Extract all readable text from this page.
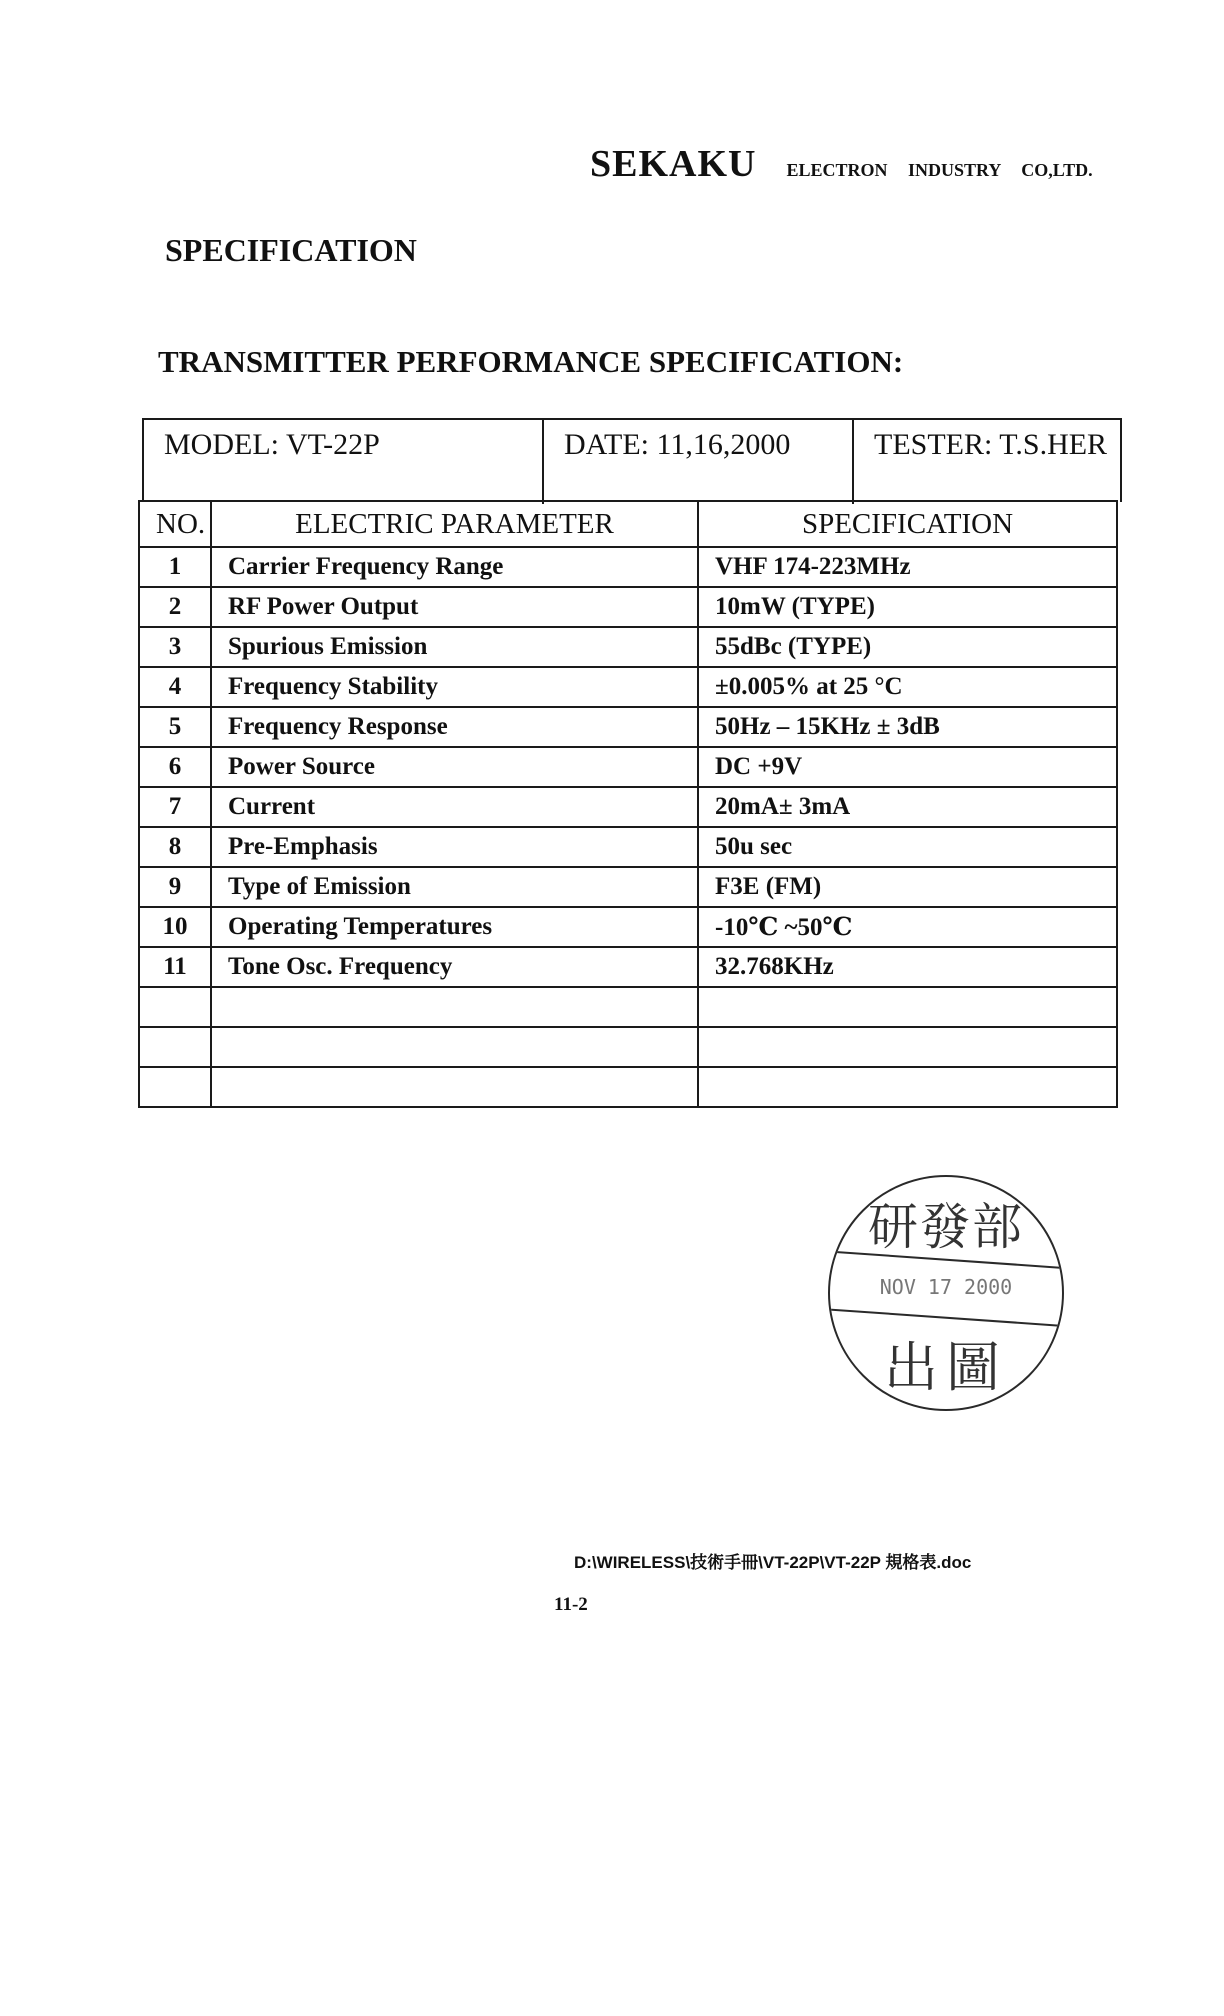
SEKAKU ELECTRON INDUSTRY CO,LTD.
SPECIFICATION
TRANSMITTER PERFORMANCE SPECIFICATION:
MODEL: VT-22P	DATE: 11,16,2000	TESTER: T.S.HER
NO.	ELECTRIC PARAMETER	SPECIFICATION
1	Carrier Frequency Range	VHF 174-223MHz
2	RF Power Output	10mW (TYPE)
3	Spurious Emission	55dBc (TYPE)
4	Frequency Stability	±0.005% at 25 °C
5	Frequency Response	50Hz – 15KHz ± 3dB
6	Power Source	DC +9V
7	Current	20mA± 3mA
8	Pre-Emphasis	50u sec
9	Type of Emission	F3E (FM)
10	Operating Temperatures	-10℃ ~50℃
11	Tone Osc. Frequency	32.768KHz

研發部
NOV 17 2000
出圖
D:\WIRELESS\技術手冊\VT-22P\VT-22P 規格表.doc
11-2
